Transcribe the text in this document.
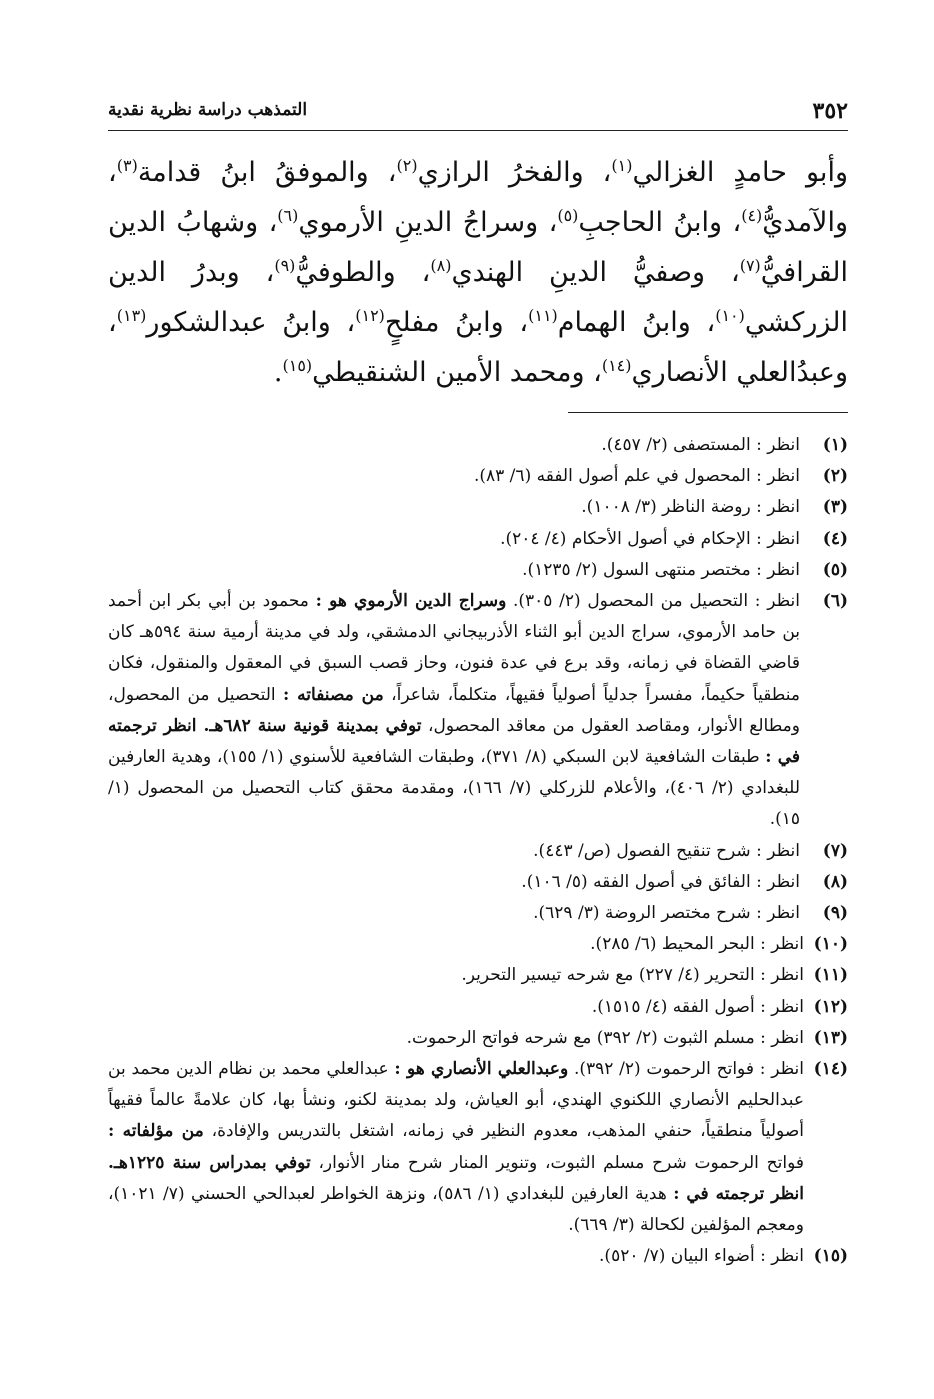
٣٥٢
التمذهب دراسة نظرية نقدية

وأبو حامدٍ الغزالي$^{(١)}$، والفخرُ الرازي$^{(٢)}$، والموفقُ ابنُ قدامة$^{(٣)}$، والآمديُّ$^{(٤)}$، وابنُ الحاجبِ$^{(٥)}$، وسراجُ الدينِ الأرموي$^{(٦)}$، وشهابُ الدين القرافيُّ$^{(٧)}$، وصفيُّ الدينِ الهندي$^{(٨)}$، والطوفيُّ$^{(٩)}$، وبدرُ الدين الزركشي$^{(١٠)}$، وابنُ الهمام$^{(١١)}$، وابنُ مفلحٍ$^{(١٢)}$، وابنُ عبدالشكور$^{(١٣)}$، وعبدُالعلي الأنصاري$^{(١٤)}$، ومحمد الأمين الشنقيطي$^{(١٥)}$.

(١)
انظر : المستصفى (٢/ ٤٥٧).
(٢)
انظر : المحصول في علم أصول الفقه (٦/ ٨٣).
(٣)
انظر : روضة الناظر (٣/ ١٠٠٨).
(٤)
انظر : الإحكام في أصول الأحكام (٤/ ٢٠٤).
(٥)
انظر : مختصر منتهى السول (٢/ ١٢٣٥).
(٦)
انظر : التحصيل من المحصول (٢/ ٣٠٥). وسراج الدين الأرموي هو : محمود بن أبي بكر ابن أحمد بن حامد الأرموي، سراج الدين أبو الثناء الأذربيجاني الدمشقي، ولد في مدينة أرمية سنة ٥٩٤هـ كان قاضي القضاة في زمانه، وقد برع في عدة فنون، وحاز قصب السبق في المعقول والمنقول، فكان منطقياً حكيماً، مفسراً جدلياً أصولياً فقيهاً، متكلماً، شاعراً، من مصنفاته : التحصيل من المحصول، ومطالع الأنوار، ومقاصد العقول من معاقد المحصول، توفي بمدينة قونية سنة ٦٨٢هـ. انظر ترجمته في : طبقات الشافعية لابن السبكي (٨/ ٣٧١)، وطبقات الشافعية للأسنوي (١/ ١٥٥)، وهدية العارفين للبغدادي (٢/ ٤٠٦)، والأعلام للزركلي (٧/ ١٦٦)، ومقدمة محقق كتاب التحصيل من المحصول (١/ ١٥).
(٧)
انظر : شرح تنقيح الفصول (ص/ ٤٤٣).
(٨)
انظر : الفائق في أصول الفقه (٥/ ١٠٦).
(٩)
انظر : شرح مختصر الروضة (٣/ ٦٢٩).
(١٠)
انظر : البحر المحيط (٦/ ٢٨٥).
(١١)
انظر : التحرير (٤/ ٢٢٧) مع شرحه تيسير التحرير.
(١٢)
انظر : أصول الفقه (٤/ ١٥١٥).
(١٣)
انظر : مسلم الثبوت (٢/ ٣٩٢) مع شرحه فواتح الرحموت.
(١٤)
انظر : فواتح الرحموت (٢/ ٣٩٢). وعبدالعلي الأنصاري هو : عبدالعلي محمد بن نظام الدين محمد بن عبدالحليم الأنصاري اللكنوي الهندي، أبو العياش، ولد بمدينة لكنو، ونشأ بها، كان علامةً عالماً فقيهاً أصولياً منطقياً، حنفي المذهب، معدوم النظير في زمانه، اشتغل بالتدريس والإفادة، من مؤلفاته : فواتح الرحموت شرح مسلم الثبوت، وتنوير المنار شرح منار الأنوار، توفي بمدراس سنة ١٢٢٥هـ. انظر ترجمته في : هدية العارفين للبغدادي (١/ ٥٨٦)، ونزهة الخواطر لعبدالحي الحسني (٧/ ١٠٢١)، ومعجم المؤلفين لكحالة (٣/ ٦٦٩).
(١٥)
انظر : أضواء البيان (٧/ ٥٢٠).
